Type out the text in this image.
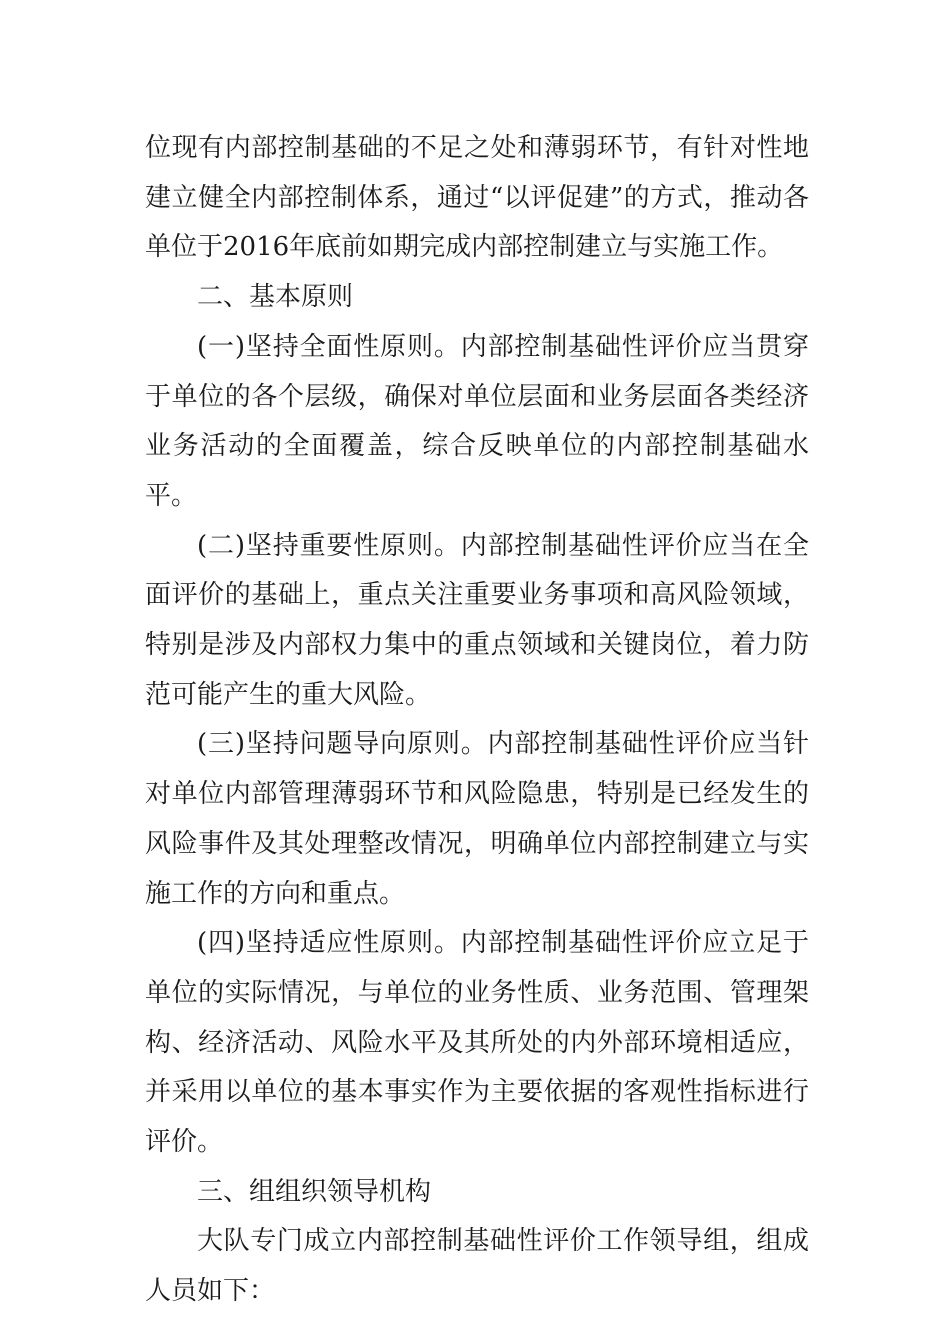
位现有内部控制基础的不足之处和薄弱环节，有针对性地建立健全内部控制体系，通过“以评促建”的方式，推动各单位于2016年底前如期完成内部控制建立与实施工作。

二、基本原则

(一)坚持全面性原则。内部控制基础性评价应当贯穿于单位的各个层级，确保对单位层面和业务层面各类经济业务活动的全面覆盖，综合反映单位的内部控制基础水平。

(二)坚持重要性原则。内部控制基础性评价应当在全面评价的基础上，重点关注重要业务事项和高风险领域，特别是涉及内部权力集中的重点领域和关键岗位，着力防范可能产生的重大风险。

(三)坚持问题导向原则。内部控制基础性评价应当针对单位内部管理薄弱环节和风险隐患，特别是已经发生的风险事件及其处理整改情况，明确单位内部控制建立与实施工作的方向和重点。

(四)坚持适应性原则。内部控制基础性评价应立足于单位的实际情况，与单位的业务性质、业务范围、管理架构、经济活动、风险水平及其所处的内外部环境相适应，并采用以单位的基本事实作为主要依据的客观性指标进行评价。

三、组组织领导机构

大队专门成立内部控制基础性评价工作领导组，组成人员如下：
